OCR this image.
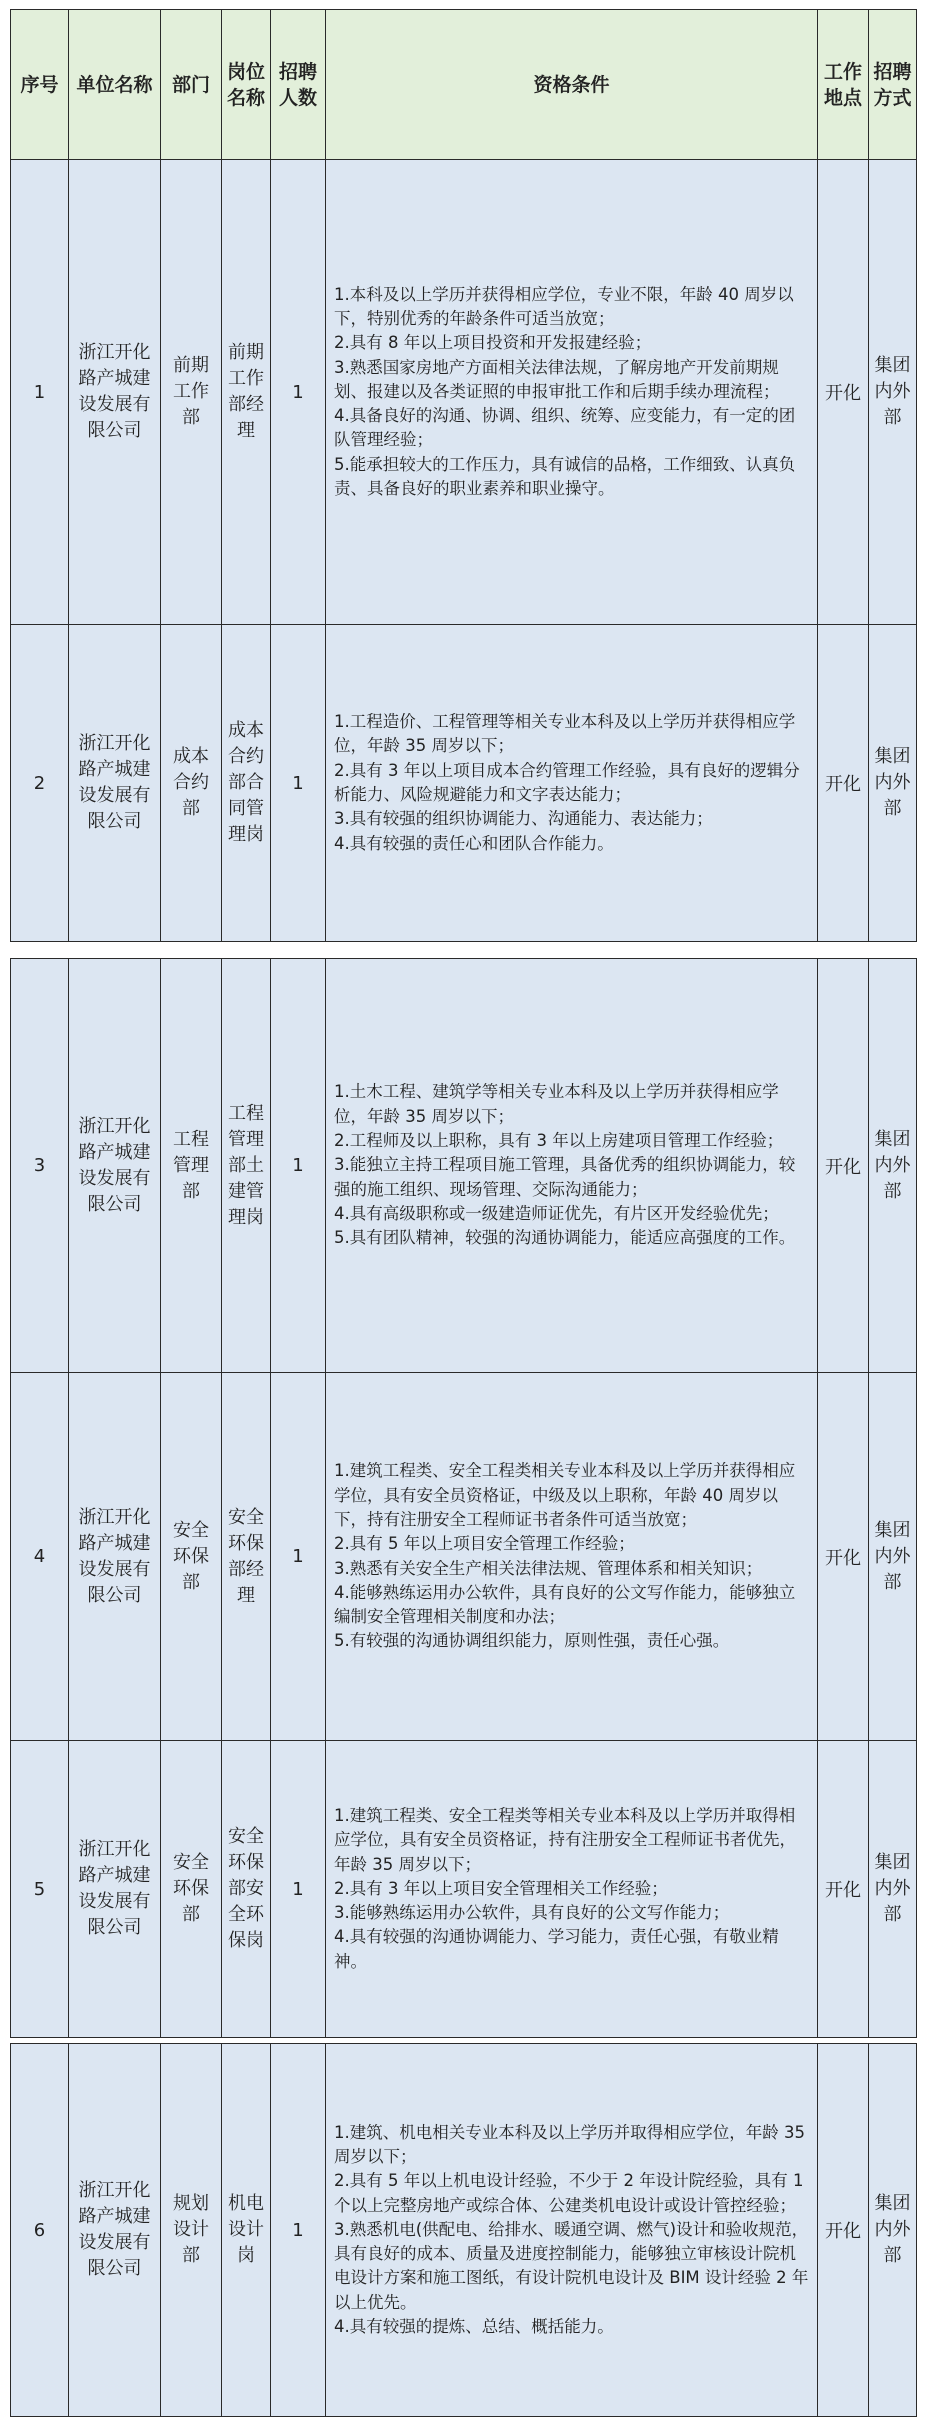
序号	单位名称	部门	岗位名称	招聘人数	资格条件	工作地点	招聘方式
1	浙江开化路产城建设发展有限公司	前期工作部	前期工作部经理	1	1.本科及以上学历并获得相应学位，专业不限，年龄 40 周岁以下，特别优秀的年龄条件可适当放宽；
2.具有 8 年以上项目投资和开发报建经验；
3.熟悉国家房地产方面相关法律法规，了解房地产开发前期规划、报建以及各类证照的申报审批工作和后期手续办理流程；
4.具备良好的沟通、协调、组织、统筹、应变能力，有一定的团队管理经验；
5.能承担较大的工作压力，具有诚信的品格，工作细致、认真负责、具备良好的职业素养和职业操守。	开化	集团内外部
2	浙江开化路产城建设发展有限公司	成本合约部	成本合约部合同管理岗	1	1.工程造价、工程管理等相关专业本科及以上学历并获得相应学位，年龄 35 周岁以下；
2.具有 3 年以上项目成本合约管理工作经验，具有良好的逻辑分析能力、风险规避能力和文字表达能力；
3.具有较强的组织协调能力、沟通能力、表达能力；
4.具有较强的责任心和团队合作能力。	开化	集团内外部
3	浙江开化路产城建设发展有限公司	工程管理部	工程管理部土建管理岗	1	1.土木工程、建筑学等相关专业本科及以上学历并获得相应学位，年龄 35 周岁以下；
2.工程师及以上职称，具有 3 年以上房建项目管理工作经验；
3.能独立主持工程项目施工管理，具备优秀的组织协调能力，较强的施工组织、现场管理、交际沟通能力；
4.具有高级职称或一级建造师证优先，有片区开发经验优先；
5.具有团队精神，较强的沟通协调能力，能适应高强度的工作。	开化	集团内外部
4	浙江开化路产城建设发展有限公司	安全环保部	安全环保部经理	1	1.建筑工程类、安全工程类相关专业本科及以上学历并获得相应学位，具有安全员资格证，中级及以上职称，年龄 40 周岁以下，持有注册安全工程师证书者条件可适当放宽；
2.具有 5 年以上项目安全管理工作经验；
3.熟悉有关安全生产相关法律法规、管理体系和相关知识；
4.能够熟练运用办公软件，具有良好的公文写作能力，能够独立编制安全管理相关制度和办法；
5.有较强的沟通协调组织能力，原则性强，责任心强。	开化	集团内外部
5	浙江开化路产城建设发展有限公司	安全环保部	安全环保部安全环保岗	1	1.建筑工程类、安全工程类等相关专业本科及以上学历并取得相应学位，具有安全员资格证，持有注册安全工程师证书者优先，年龄 35 周岁以下；
2.具有 3 年以上项目安全管理相关工作经验；
3.能够熟练运用办公软件，具有良好的公文写作能力；
4.具有较强的沟通协调能力、学习能力，责任心强，有敬业精神。	开化	集团内外部
6	浙江开化路产城建设发展有限公司	规划设计部	机电设计岗	1	
1.建筑、机电相关专业本科及以上学历并取得相应学位，年龄 35 周岁以下；
2.具有 5 年以上机电设计经验，不少于 2 年设计院经验，具有 1 个以上完整房地产或综合体、公建类机电设计或设计管控经验；
3.熟悉机电(供配电、给排水、暖通空调、燃气)设计和验收规范，具有良好的成本、质量及进度控制能力，能够独立审核设计院机电设计方案和施工图纸，有设计院机电设计及 BIM 设计经验 2 年以上优先。
4.具有较强的提炼、总结、概括能力。
	开化	集团内外部
